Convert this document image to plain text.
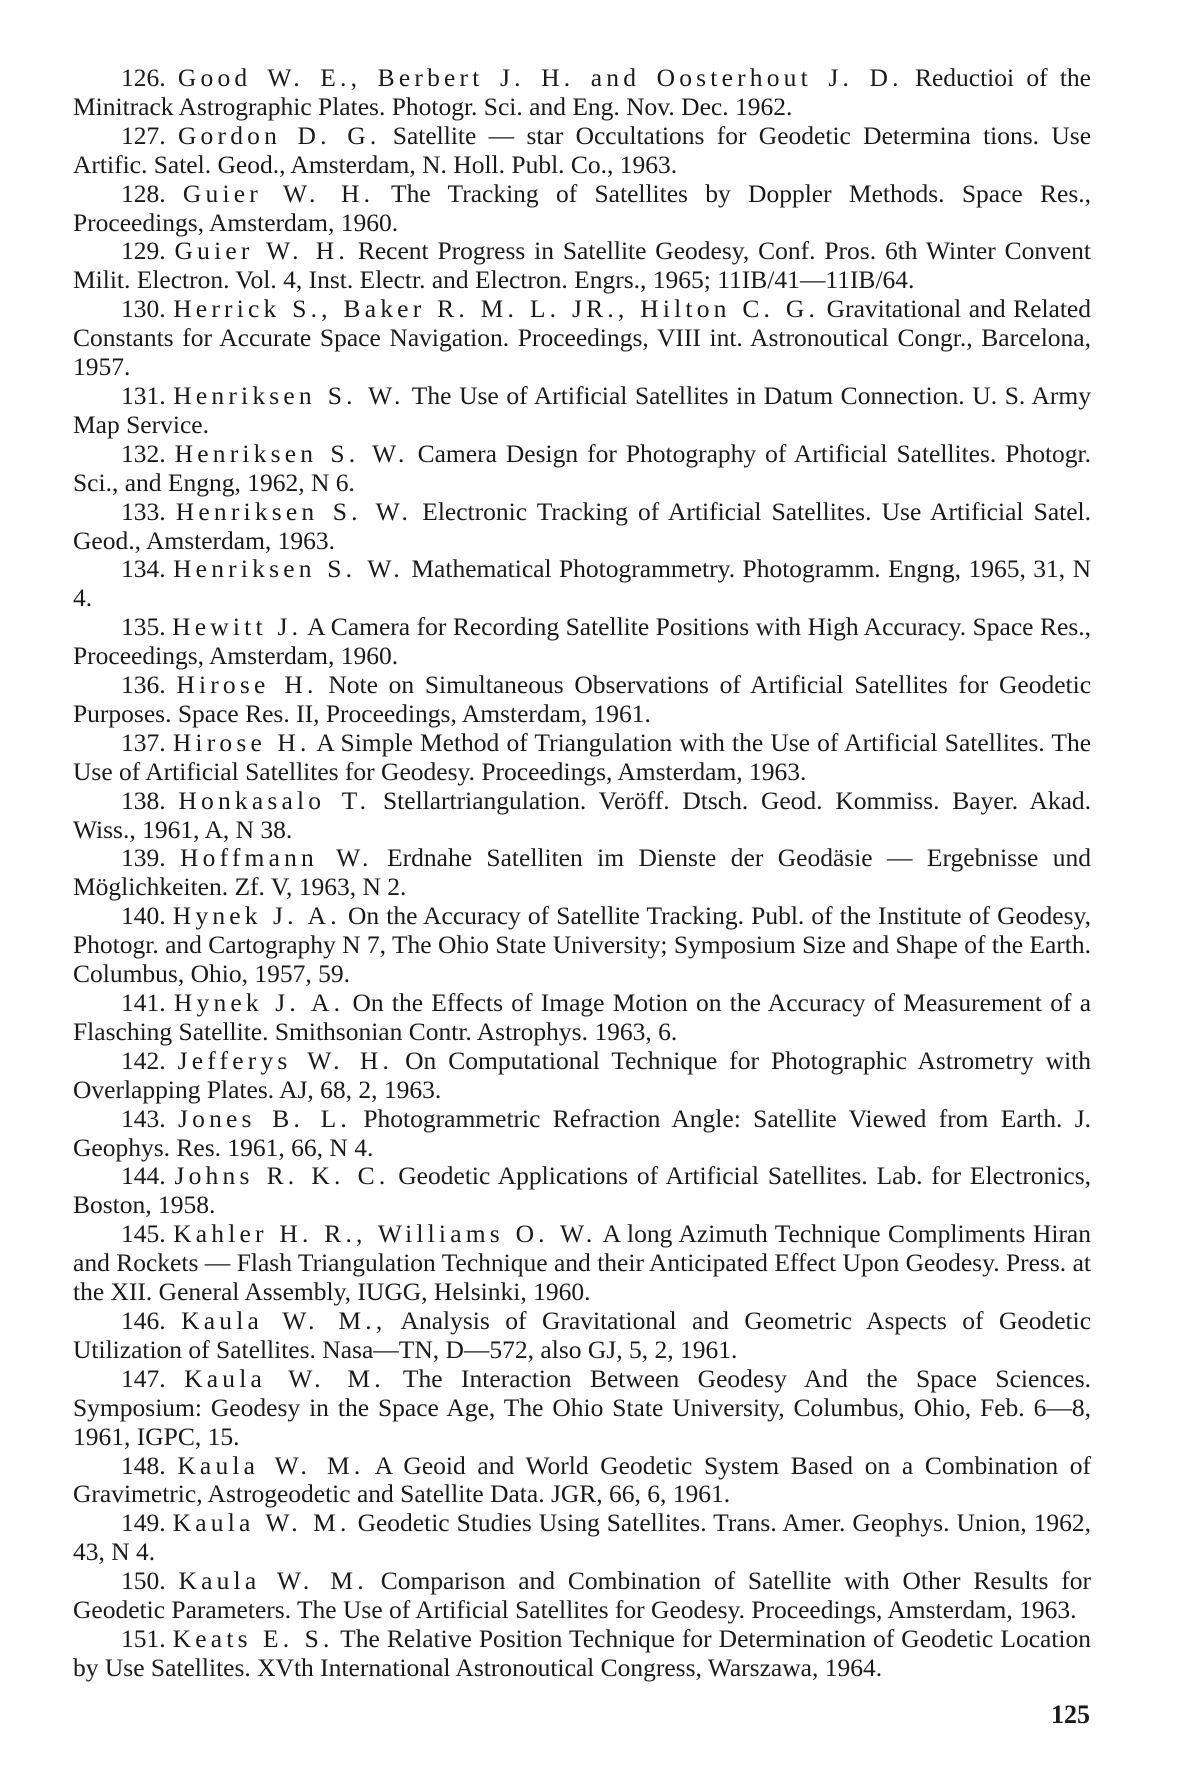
126. Good W. E., Berbert J. H. and Oosterhout J. D. Reductioi of the Minitrack Astrographic Plates. Photogr. Sci. and Eng. Nov. Dec. 1962.

127. Gordon D. G. Satellite — star Occultations for Geodetic Determina tions. Use Artific. Satel. Geod., Amsterdam, N. Holl. Publ. Co., 1963.

128. Guier W. H. The Tracking of Satellites by Doppler Methods. Space Res., Proceedings, Amsterdam, 1960.

129. Guier W. H. Recent Progress in Satellite Geodesy, Conf. Pros. 6th Winter Convent Milit. Electron. Vol. 4, Inst. Electr. and Electron. Engrs., 1965; 11IB/41—11IB/64.

130. Herrick S., Baker R. M. L. JR., Hilton C. G. Gravitational and Related Constants for Accurate Space Navigation. Proceedings, VIII int. Astronoutical Congr., Barcelona, 1957.

131. Henriksen S. W. The Use of Artificial Satellites in Datum Connection. U. S. Army Map Service.

132. Henriksen S. W. Camera Design for Photography of Artificial Satellites. Photogr. Sci., and Engng, 1962, N 6.

133. Henriksen S. W. Electronic Tracking of Artificial Satellites. Use Artificial Satel. Geod., Amsterdam, 1963.

134. Henriksen S. W. Mathematical Photogrammetry. Photogramm. Engng, 1965, 31, N 4.

135. Hewitt J. A Camera for Recording Satellite Positions with High Accuracy. Space Res., Proceedings, Amsterdam, 1960.

136. Hirose H. Note on Simultaneous Observations of Artificial Satellites for Geodetic Purposes. Space Res. II, Proceedings, Amsterdam, 1961.

137. Hirose H. A Simple Method of Triangulation with the Use of Artificial Satellites. The Use of Artificial Satellites for Geodesy. Proceedings, Amsterdam, 1963.

138. Honkasalo T. Stellartriangulation. Veröff. Dtsch. Geod. Kommiss. Bayer. Akad. Wiss., 1961, A, N 38.

139. Hoffmann W. Erdnahe Satelliten im Dienste der Geodäsie — Ergebnisse und Möglichkeiten. Zf. V, 1963, N 2.

140. Hynek J. A. On the Accuracy of Satellite Tracking. Publ. of the Institute of Geodesy, Photogr. and Cartography N 7, The Ohio State University; Symposium Size and Shape of the Earth. Columbus, Ohio, 1957, 59.

141. Hynek J. A. On the Effects of Image Motion on the Accuracy of Measurement of a Flasching Satellite. Smithsonian Contr. Astrophys. 1963, 6.

142. Jefferys W. H. On Computational Technique for Photographic Astrometry with Overlapping Plates. AJ, 68, 2, 1963.

143. Jones B. L. Photogrammetric Refraction Angle: Satellite Viewed from Earth. J. Geophys. Res. 1961, 66, N 4.

144. Johns R. K. C. Geodetic Applications of Artificial Satellites. Lab. for Electronics, Boston, 1958.

145. Kahler H. R., Williams O. W. A long Azimuth Technique Compliments Hiran and Rockets — Flash Triangulation Technique and their Anticipated Effect Upon Geodesy. Press. at the XII. General Assembly, IUGG, Helsinki, 1960.

146. Kaula W. M., Analysis of Gravitational and Geometric Aspects of Geodetic Utilization of Satellites. Nasa—TN, D—572, also GJ, 5, 2, 1961.

147. Kaula W. M. The Interaction Between Geodesy And the Space Sciences. Symposium: Geodesy in the Space Age, The Ohio State University, Columbus, Ohio, Feb. 6—8, 1961, IGPC, 15.

148. Kaula W. M. A Geoid and World Geodetic System Based on a Combination of Gravimetric, Astrogeodetic and Satellite Data. JGR, 66, 6, 1961.

149. Kaula W. M. Geodetic Studies Using Satellites. Trans. Amer. Geophys. Union, 1962, 43, N 4.

150. Kaula W. M. Comparison and Combination of Satellite with Other Results for Geodetic Parameters. The Use of Artificial Satellites for Geodesy. Proceedings, Amsterdam, 1963.

151. Keats E. S. The Relative Position Technique for Determination of Geodetic Location by Use Satellites. XVth International Astronoutical Congress, Warszawa, 1964.

125
